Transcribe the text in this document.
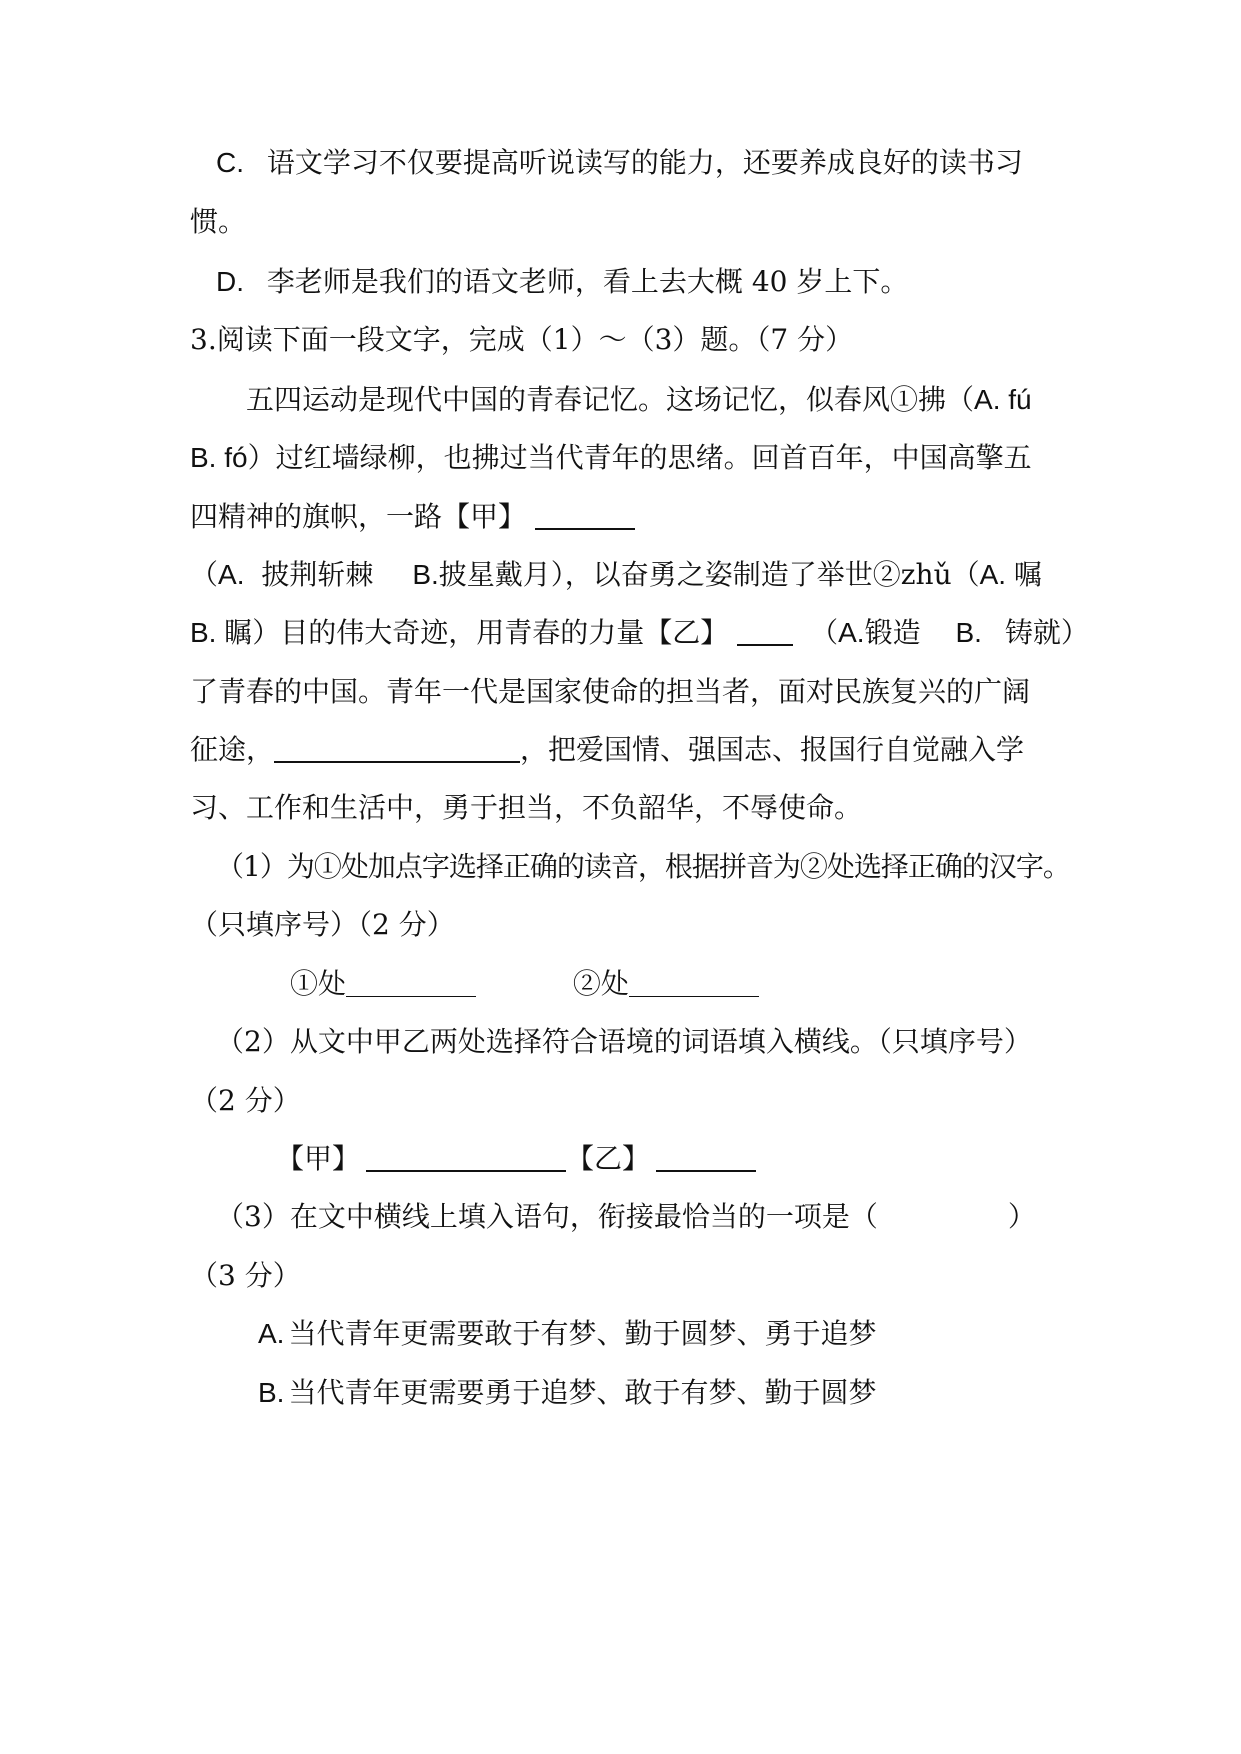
C. 语文学习不仅要提高听说读写的能力，还要养成良好的读书习
惯。
D. 李老师是我们的语文老师，看上去大概 40 岁上下。
3.阅读下面一段文字，完成（1）～（3）题。（7 分）
五四运动是现代中国的青春记忆。这场记忆，似春风①拂（A. fú
B. fó）过红墙绿柳，也拂过当代青年的思绪。回首百年，中国高擎五
四精神的旗帜，一路【甲】
（A. 披荆斩棘 B.披星戴月），以奋勇之姿制造了举世②zhǔ（A. 嘱
B. 瞩）目的伟大奇迹，用青春的力量【乙】	（A.锻造 B. 铸就）
了青春的中国。青年一代是国家使命的担当者，面对民族复兴的广阔
征途，	，把爱国情、强国志、报国行自觉融入学
习、工作和生活中，勇于担当，不负韶华，不辱使命。
（1）为①处加点字选择正确的读音，根据拼音为②处选择正确的汉字。
（只填序号）（2 分）
①处	②处
（2）从文中甲乙两处选择符合语境的词语填入横线。（只填序号）
（2 分）
【甲】	【乙】
（3）在文中横线上填入语句，衔接最恰当的一项是（	）
（3 分）
A. 当代青年更需要敢于有梦、勤于圆梦、勇于追梦
B. 当代青年更需要勇于追梦、敢于有梦、勤于圆梦
